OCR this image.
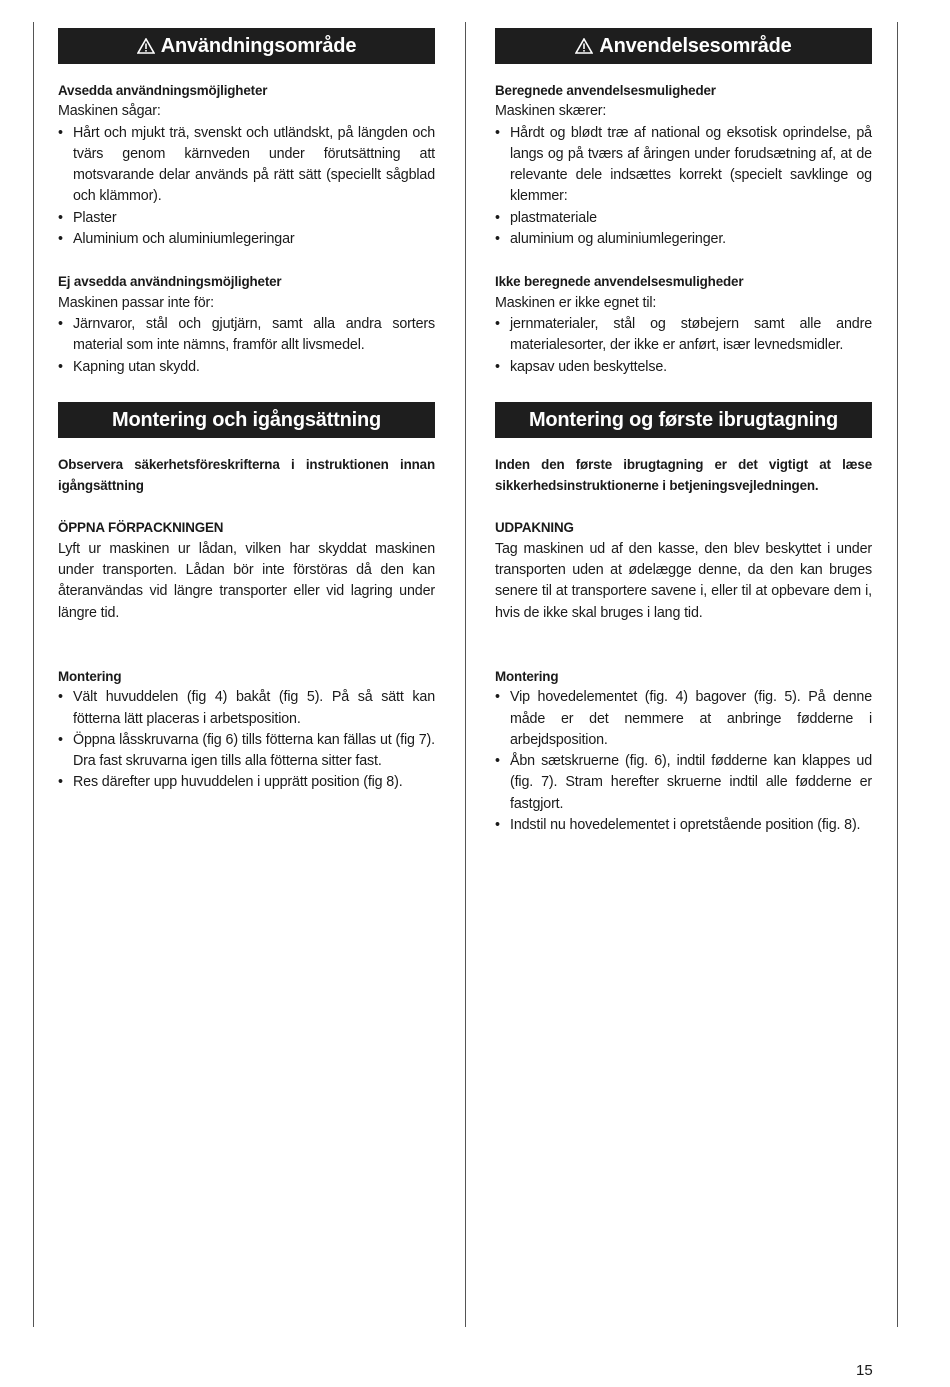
Användningsområde
Avsedda användningsmöjligheter
Maskinen sågar:
• Hårt och mjukt trä, svenskt och utländskt, på längden och tvärs genom kärnveden under förutsättning att motsvarande delar används på rätt sätt (speciellt sågblad och klämmor).
• Plaster
• Aluminium och aluminiumlegeringar
Ej avsedda användningsmöjligheter
Maskinen passar inte för:
• Järnvaror, stål och gjutjärn, samt alla andra sorters material som inte nämns, framför allt livsmedel.
• Kapning utan skydd.
Montering och igångsättning
Observera säkerhetsföreskrifterna i instruktionen innan igångsättning
ÖPPNA FÖRPACKNINGEN
Lyft ur maskinen ur lådan, vilken har skyddat maskinen under transporten. Lådan bör inte förstöras då den kan återanvändas vid längre transporter eller vid lagring under längre tid.
Montering
• Vält huvuddelen (fig 4) bakåt (fig 5). På så sätt kan fötterna lätt placeras i arbetsposition.
• Öppna låsskruvarna (fig 6) tills fötterna kan fällas ut (fig 7). Dra fast skruvarna igen tills alla fötterna sitter fast.
• Res därefter upp huvuddelen i upprätt position (fig 8).
Anvendelsesområde
Beregnede anvendelsesmuligheder
Maskinen skærer:
• Hårdt og blødt træ af national og eksotisk oprindelse, på langs og på tværs af åringen under forudsætning af, at de relevante dele indsættes korrekt (specielt savklinge og klemmer:
• plastmateriale
• aluminium og aluminiumlegeringer.
Ikke beregnede anvendelsesmuligheder
Maskinen er ikke egnet til:
• jernmaterialer, stål og støbejern samt alle andre materialesorter, der ikke er anført, især levnedsmidler.
• kapsav uden beskyttelse.
Montering og første ibrugtagning
Inden den første ibrugtagning er det vigtigt at læse sikkerhedsinstruktionerne i betjeningsvejledningen.
UDPAKNING
Tag maskinen ud af den kasse, den blev beskyttet i under transporten uden at ødelægge denne, da den kan bruges senere til at transportere savene i, eller til at opbevare dem i, hvis de ikke skal bruges i lang tid.
Montering
• Vip hovedelementet (fig. 4) bagover (fig. 5). På denne måde er det nemmere at anbringe fødderne i arbejdsposition.
• Åbn sætskruerne (fig. 6), indtil fødderne kan klappes ud (fig. 7). Stram herefter skruerne indtil alle fødderne er fastgjort.
• Indstil nu hovedelementet i opretstående position (fig. 8).
15
